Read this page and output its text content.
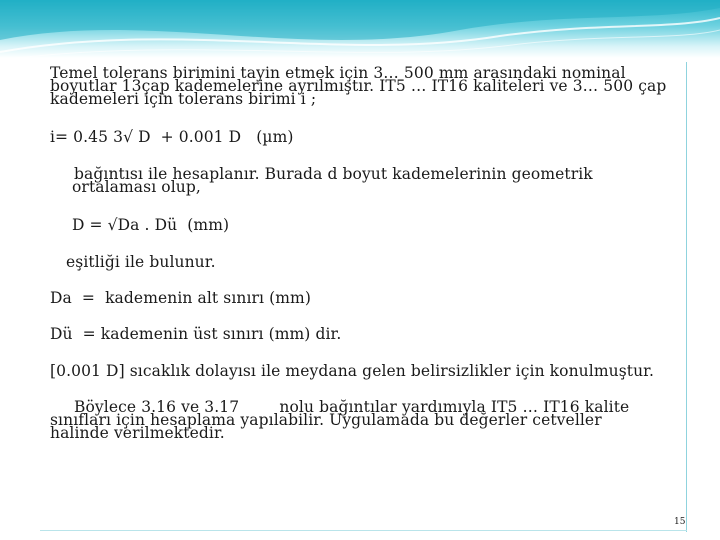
Temel tolerans birimini tayin etmek için 3… 500 mm arasındaki nominal
boyutlar 13çap kademelerine ayrılmıştır. IT5 … IT16 kaliteleri ve 3… 500 çap
kademeleri için tolerans birimi i ;
i= 0.45 3√ D  + 0.001 D   (µm)
bağıntısı ile hesaplanır. Burada d boyut kademelerinin geometrik
ortalaması olup,
D = √Da . Dü  (mm)
eşitliği ile bulunur.
Da  =  kademenin alt sınırı (mm)
Dü  = kademenin üst sınırı (mm) dir.
[0.001 D] sıcaklık dolayısı ile meydana gelen belirsizlikler için konulmuştur.
Böylece 3.16 ve 3.17        nolu bağıntılar yardımıyla IT5 … IT16 kalite
sınıfları için hesaplama yapılabilir. Uygulamada bu değerler cetveller
halinde verilmektedir.
15
